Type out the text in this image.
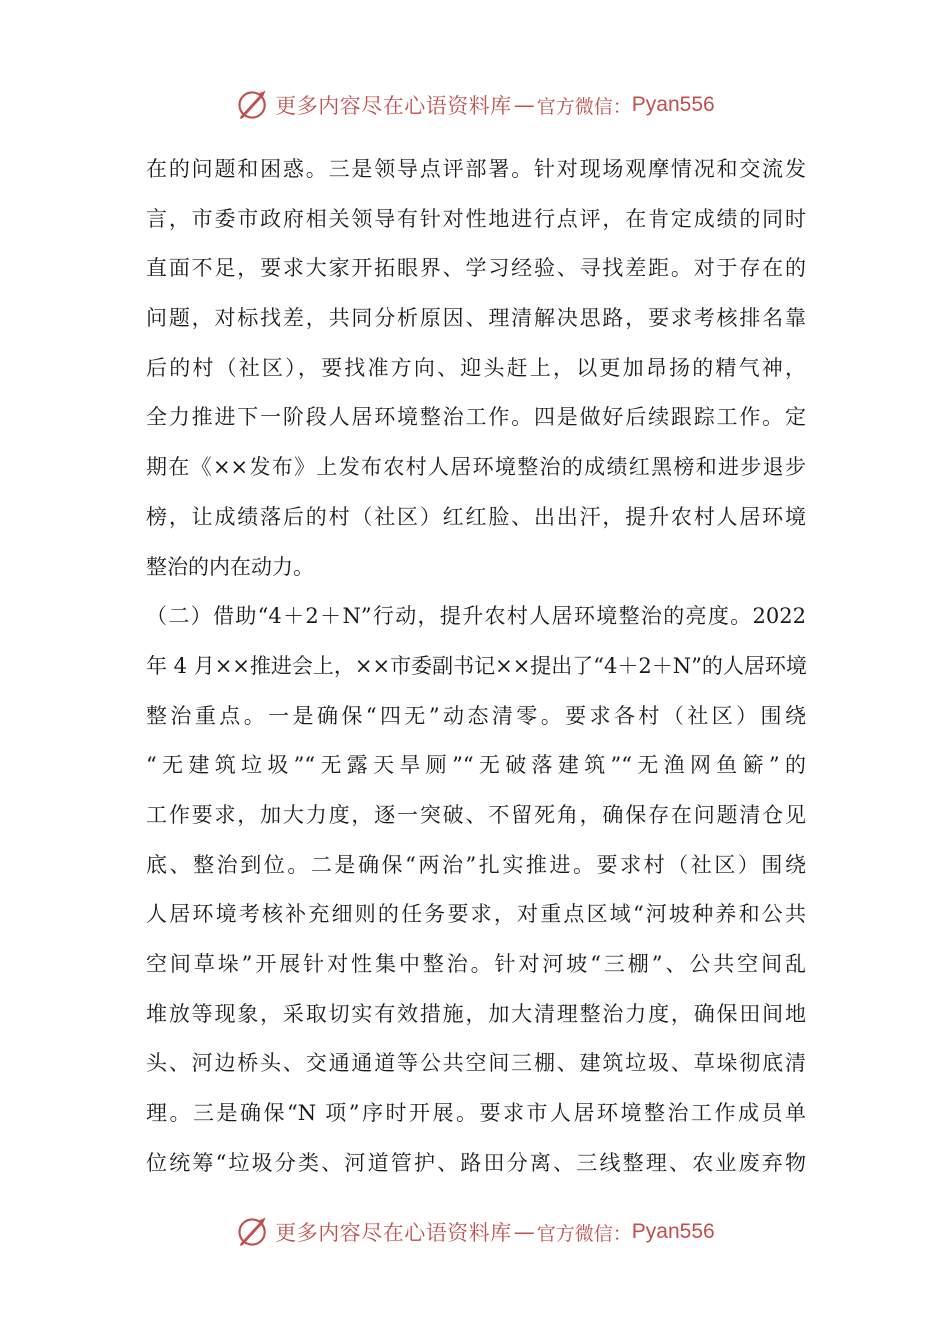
更多内容尽在心语资料库 — 官方微信： Pyan556
在的问题和困惑。三是领导点评部署。针对现场观摩情况和交流发
言，市委市政府相关领导有针对性地进行点评，在肯定成绩的同时
直面不足，要求大家开拓眼界、学习经验、寻找差距。对于存在的
问题，对标找差，共同分析原因、理清解决思路，要求考核排名靠
后的村（社区），要找准方向、迎头赶上，以更加昂扬的精气神，
全力推进下一阶段人居环境整治工作。四是做好后续跟踪工作。定
期在《××发布》上发布农村人居环境整治的成绩红黑榜和进步退步
榜，让成绩落后的村（社区）红红脸、出出汗，提升农村人居环境
整治的内在动力。
（二）借助“4＋2＋N”行动，提升农村人居环境整治的亮度。2022
年 4 月××推进会上，××市委副书记××提出了“4＋2＋N”的人居环境
整治重点。一是确保“四无”动态清零。要求各村（社区）围绕
“无建筑垃圾”“无露天旱厕”“无破落建筑”“无渔网鱼簖”的
工作要求，加大力度，逐一突破、不留死角，确保存在问题清仓见
底、整治到位。二是确保“两治”扎实推进。要求村（社区）围绕
人居环境考核补充细则的任务要求，对重点区域“河坡种养和公共
空间草垛”开展针对性集中整治。针对河坡“三棚”、公共空间乱
堆放等现象，采取切实有效措施，加大清理整治力度，确保田间地
头、河边桥头、交通通道等公共空间三棚、建筑垃圾、草垛彻底清
理。三是确保“N 项”序时开展。要求市人居环境整治工作成员单
位统筹“垃圾分类、河道管护、路田分离、三线整理、农业废弃物
更多内容尽在心语资料库 — 官方微信： Pyan556
